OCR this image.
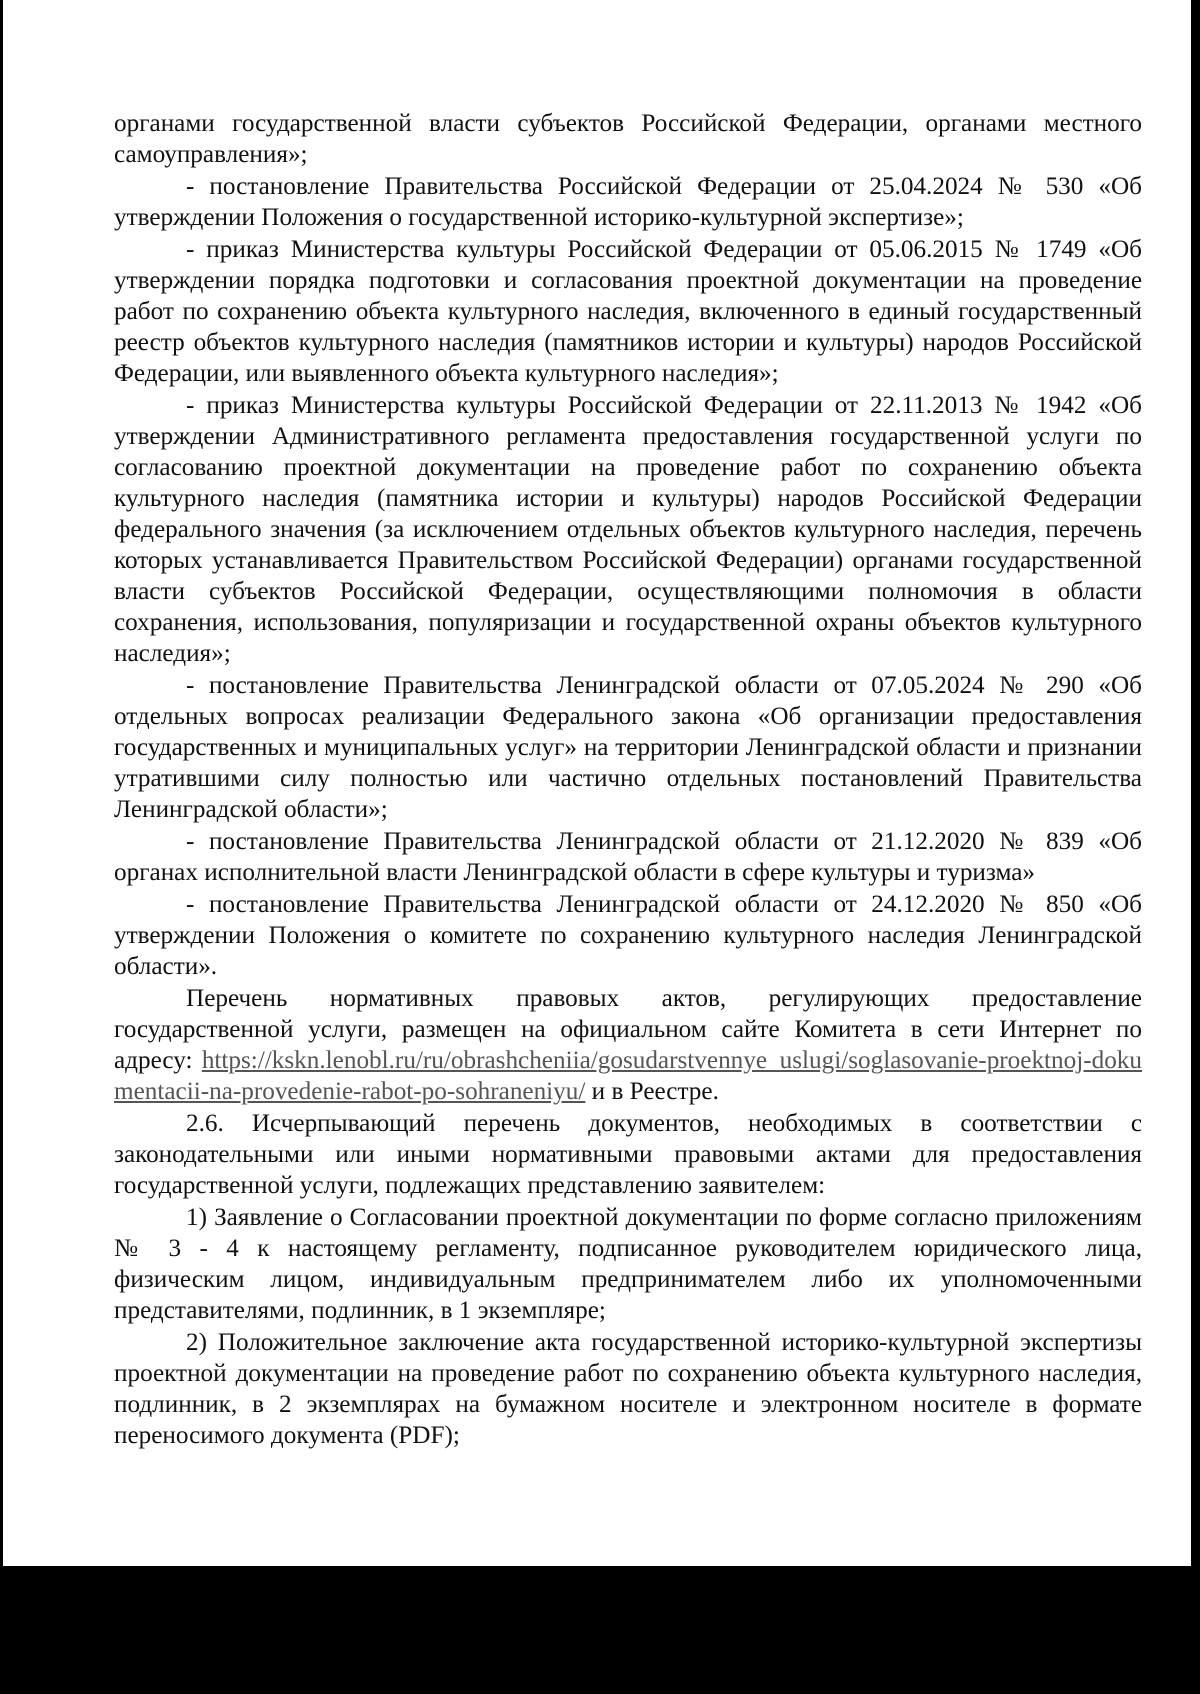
органами государственной власти субъектов Российской Федерации, органами местного самоуправления»;

- постановление Правительства Российской Федерации от 25.04.2024 № 530 «Об утверждении Положения о государственной историко-культурной экспертизе»;

- приказ Министерства культуры Российской Федерации от 05.06.2015 № 1749 «Об утверждении порядка подготовки и согласования проектной документации на проведение работ по сохранению объекта культурного наследия, включенного в единый государственный реестр объектов культурного наследия (памятников истории и культуры) народов Российской Федерации, или выявленного объекта культурного наследия»;

- приказ Министерства культуры Российской Федерации от 22.11.2013 № 1942 «Об утверждении Административного регламента предоставления государственной услуги по согласованию проектной документации на проведение работ по сохранению объекта культурного наследия (памятника истории и культуры) народов Российской Федерации федерального значения (за исключением отдельных объектов культурного наследия, перечень которых устанавливается Правительством Российской Федерации) органами государственной власти субъектов Российской Федерации, осуществляющими полномочия в области сохранения, использования, популяризации и государственной охраны объектов культурного наследия»;

- постановление Правительства Ленинградской области от 07.05.2024 № 290 «Об отдельных вопросах реализации Федерального закона «Об организации предоставления государственных и муниципальных услуг» на территории Ленинградской области и признании утратившими силу полностью или частично отдельных постановлений Правительства Ленинградской области»;

- постановление Правительства Ленинградской области от 21.12.2020 № 839 «Об органах исполнительной власти Ленинградской области в сфере культуры и туризма»

- постановление Правительства Ленинградской области от 24.12.2020 № 850 «Об утверждении Положения о комитете по сохранению культурного наследия Ленинградской области».

Перечень нормативных правовых актов, регулирующих предоставление государственной услуги, размещен на официальном сайте Комитета в сети Интернет по адресу: https://kskn.lenobl.ru/ru/obrashcheniia/gosudarstvennye_uslugi/soglasovanie-proektnoj-dokumentacii-na-provedenie-rabot-po-sohraneniyu/ и в Реестре.

2.6. Исчерпывающий перечень документов, необходимых в соответствии с законодательными или иными нормативными правовыми актами для предоставления государственной услуги, подлежащих представлению заявителем:

1) Заявление о Согласовании проектной документации по форме согласно приложениям № 3 - 4 к настоящему регламенту, подписанное руководителем юридического лица, физическим лицом, индивидуальным предпринимателем либо их уполномоченными представителями, подлинник, в 1 экземпляре;

2) Положительное заключение акта государственной историко-культурной экспертизы проектной документации на проведение работ по сохранению объекта культурного наследия, подлинник, в 2 экземплярах на бумажном носителе и электронном носителе в формате переносимого документа (PDF);
